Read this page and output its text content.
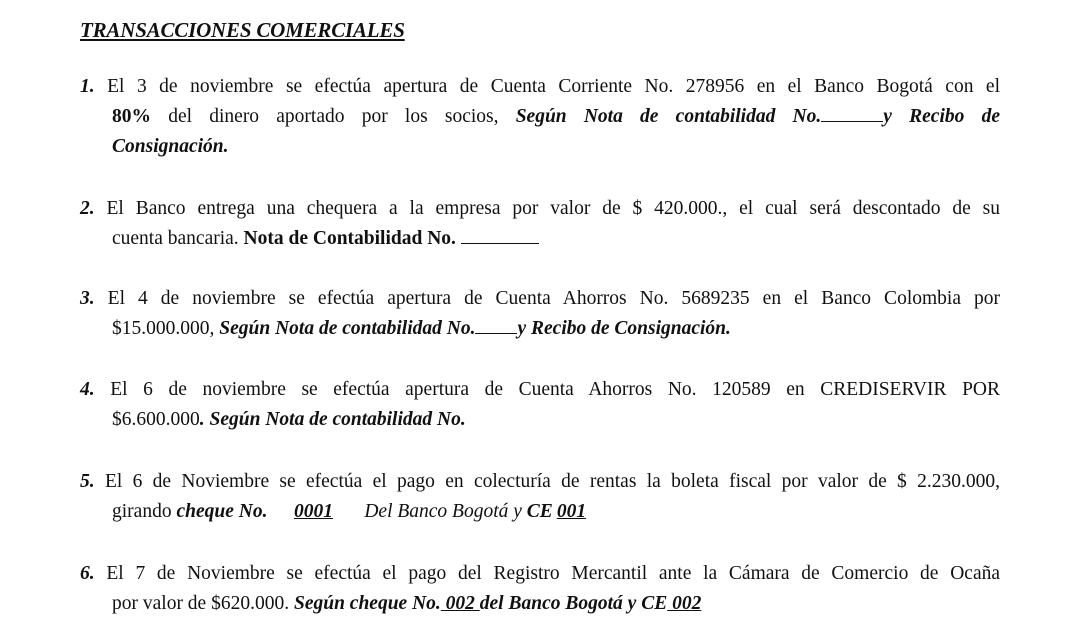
TRANSACCIONES COMERCIALES
1. El 3 de noviembre se efectúa apertura de Cuenta Corriente No. 278956 en el Banco Bogotá con el
80% del dinero aportado por los socios, Según Nota de contabilidad No.	y Recibo de
Consignación.
2. El Banco entrega una chequera a la empresa por valor de $ 420.000., el cual será descontado de su
cuenta bancaria. Nota de Contabilidad No.
3. El 4 de noviembre se efectúa apertura de Cuenta Ahorros No. 5689235 en el Banco Colombia por
$15.000.000, Según Nota de contabilidad No. y Recibo de Consignación.
4. El 6 de noviembre se efectúa apertura de Cuenta Ahorros No. 120589 en CREDISERVIR POR
$6.600.000. Según Nota de contabilidad No.
5. El 6 de Noviembre se efectúa el pago en colecturía de rentas la boleta fiscal por valor de $ 2.230.000,
girando cheque No. 0001 Del Banco Bogotá y CE 001
6. El 7 de Noviembre se efectúa el pago del Registro Mercantil ante la Cámara de Comercio de Ocaña
por valor de $620.000. Según cheque No. 002 del Banco Bogotá y CE 002
